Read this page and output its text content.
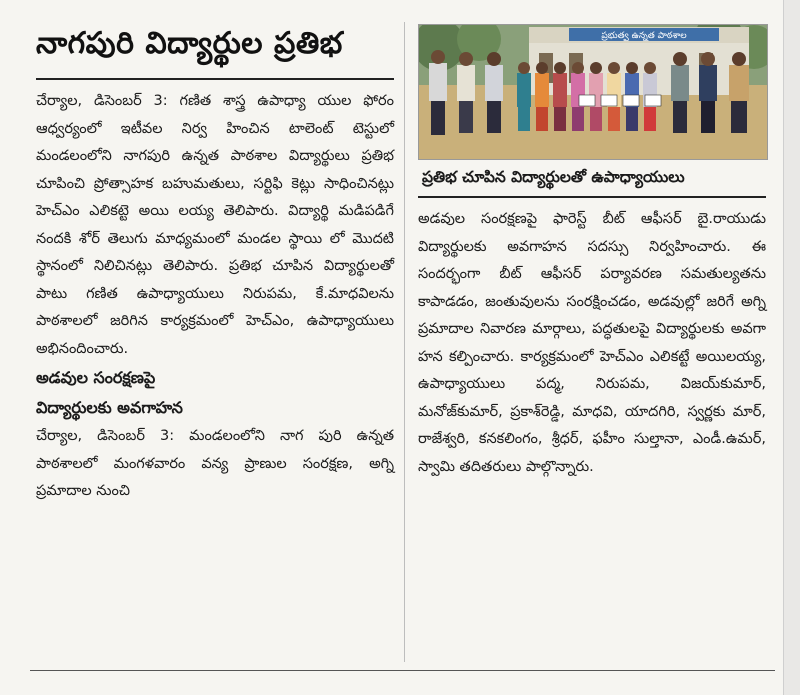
నాగపురి విద్యార్థుల ప్రతిభ

చేర్యాల, డిసెంబర్ 3: గణిత శాస్త్ర ఉపాధ్యా యుల ఫోరం ఆధ్వర్యంలో ఇటీవల నిర్వ హించిన టాలెంట్ టెస్టులో మండలంలోని నాగపురి ఉన్నత పాఠశాల విద్యార్థులు ప్రతిభ చూపించి ప్రోత్సాహక బహుమతులు, సర్టిఫి కెట్లు సాధించినట్లు హెచ్‌ఎం ఎలికట్టె అయి లయ్య తెలిపారు. విద్యార్థి మడిపడిగే నందకి శోర్ తెలుగు మాధ్యమంలో మండల స్థాయి లో మొదటి స్థానంలో నిలిచినట్లు తెలిపారు. ప్రతిభ చూపిన విద్యార్థులతో పాటు గణిత ఉపాధ్యాయులు నిరుపమ, కే.మాధవిలను పాఠశాలలో జరిగిన కార్యక్రమంలో హెచ్‌ఎం, ఉపాధ్యాయులు అభినందించారు.

అడవుల సంరక్షణపై
విద్యార్థులకు అవగాహన

చేర్యాల, డిసెంబర్ 3: మండలంలోని నాగ పురి ఉన్నత పాఠశాలలో మంగళవారం వన్య ప్రాణుల సంరక్షణ, అగ్ని ప్రమాదాల నుంచి

ప్రభుత్వ ఉన్నత పాఠశాల
ప్రతిభ చూపిన విద్యార్థులతో ఉపాధ్యాయులు

అడవుల సంరక్షణపై ఫారెస్ట్ బీట్ ఆఫీసర్ బై.రాయుడు విద్యార్థులకు అవగాహన సదస్సు నిర్వహించారు. ఈ సందర్భంగా బీట్ ఆఫీసర్ పర్యావరణ సమతుల్యతను కాపాడడం, జంతువులను సంరక్షించడం, అడవుల్లో జరిగే అగ్ని ప్రమాదాల నివారణ మార్గాలు, పద్ధతులపై విద్యార్థులకు అవగా హన కల్పించారు. కార్యక్రమంలో హెచ్‌ఎం ఎలికట్టే అయిలయ్య, ఉపాధ్యాయులు పద్మ, నిరుపమ, విజయ్‌కుమార్, మనోజ్‌కుమార్, ప్రకాశ్‌రెడ్డి, మాధవి, యాదగిరి, స్వర్ణకు మార్, రాజేశ్వరి, కనకలింగం, శ్రీధర్, ఫహీం సుల్తానా, ఎండీ.ఉమర్, స్వామి తదితరులు పాల్గొన్నారు.
